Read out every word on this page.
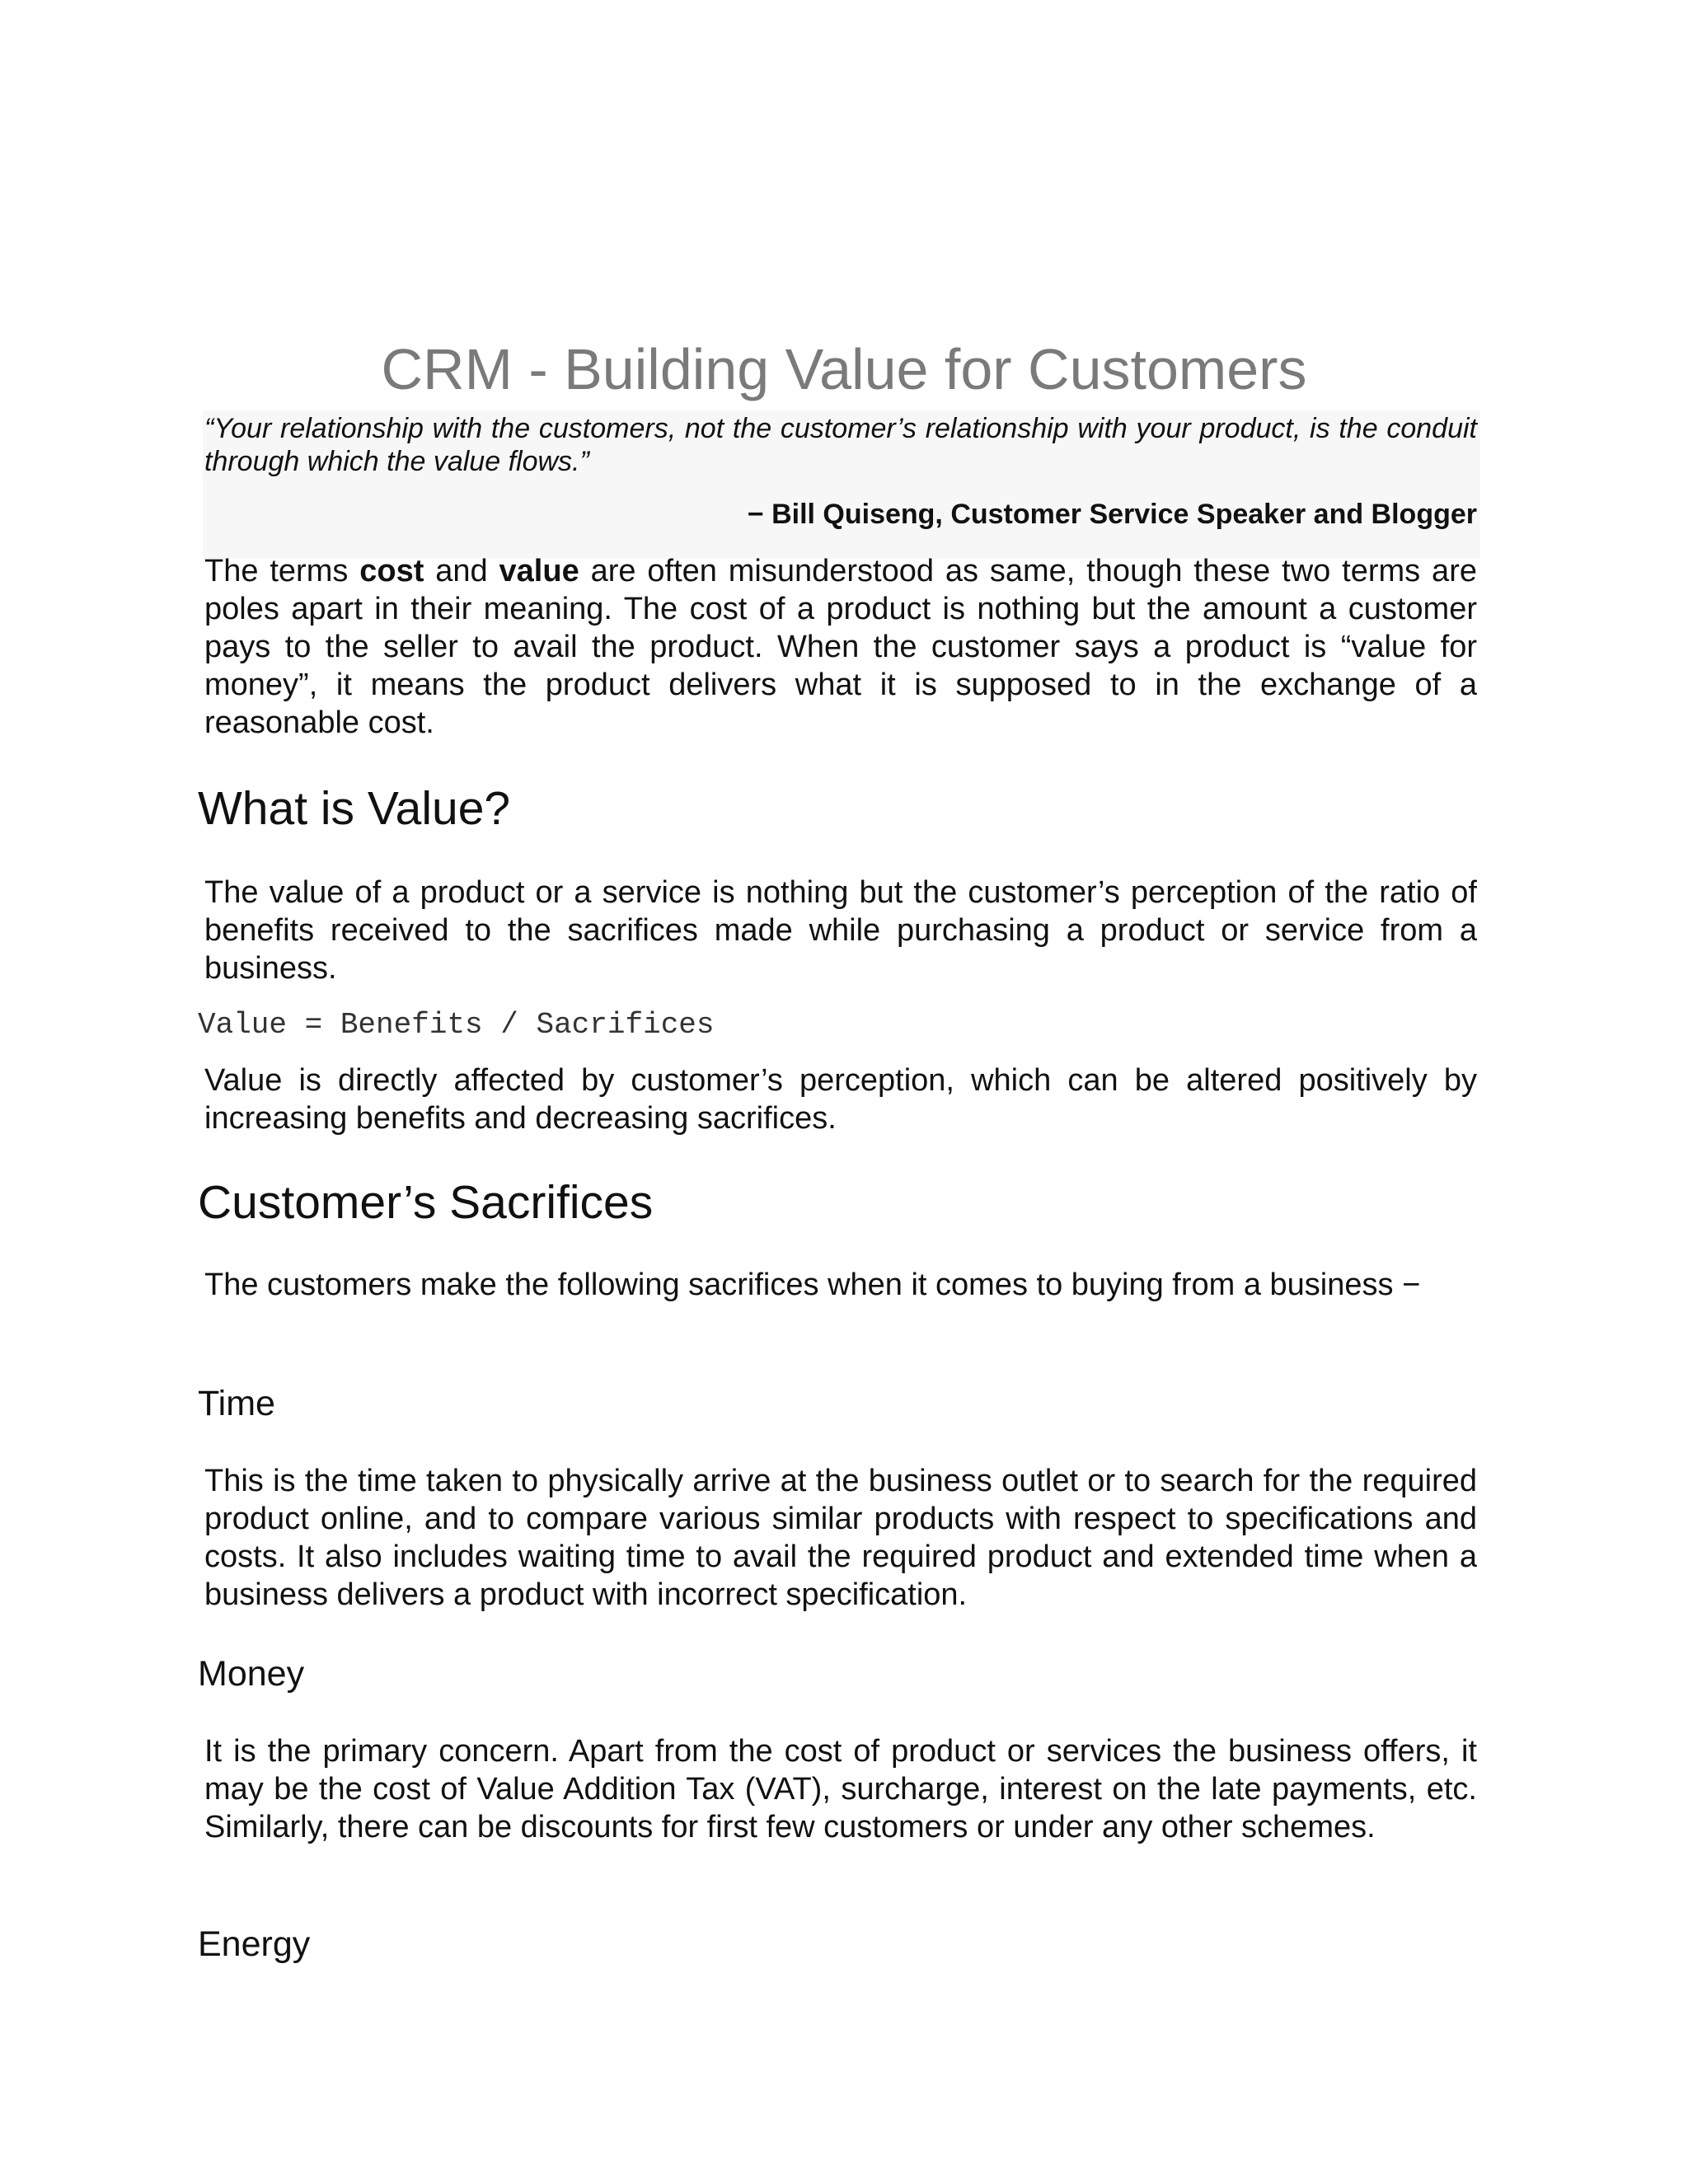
CRM - Building Value for Customers

“Your relationship with the customers, not the customer’s relationship with your product, is the conduit through which the value flows.”

− Bill Quiseng, Customer Service Speaker and Blogger

The terms cost and value are often misunderstood as same, though these two terms are poles apart in their meaning. The cost of a product is nothing but the amount a customer pays to the seller to avail the product. When the customer says a product is “value for money”, it means the product delivers what it is supposed to in the exchange of a reasonable cost.

What is Value?

The value of a product or a service is nothing but the customer’s perception of the ratio of benefits received to the sacrifices made while purchasing a product or service from a business.

Value = Benefits / Sacrifices

Value is directly affected by customer’s perception, which can be altered positively by increasing benefits and decreasing sacrifices.

Customer’s Sacrifices

The customers make the following sacrifices when it comes to buying from a business −

Time

This is the time taken to physically arrive at the business outlet or to search for the required product online, and to compare various similar products with respect to specifications and costs. It also includes waiting time to avail the required product and extended time when a business delivers a product with incorrect specification.

Money

It is the primary concern. Apart from the cost of product or services the business offers, it may be the cost of Value Addition Tax (VAT), surcharge, interest on the late payments, etc. Similarly, there can be discounts for first few customers or under any other schemes.

Energy
